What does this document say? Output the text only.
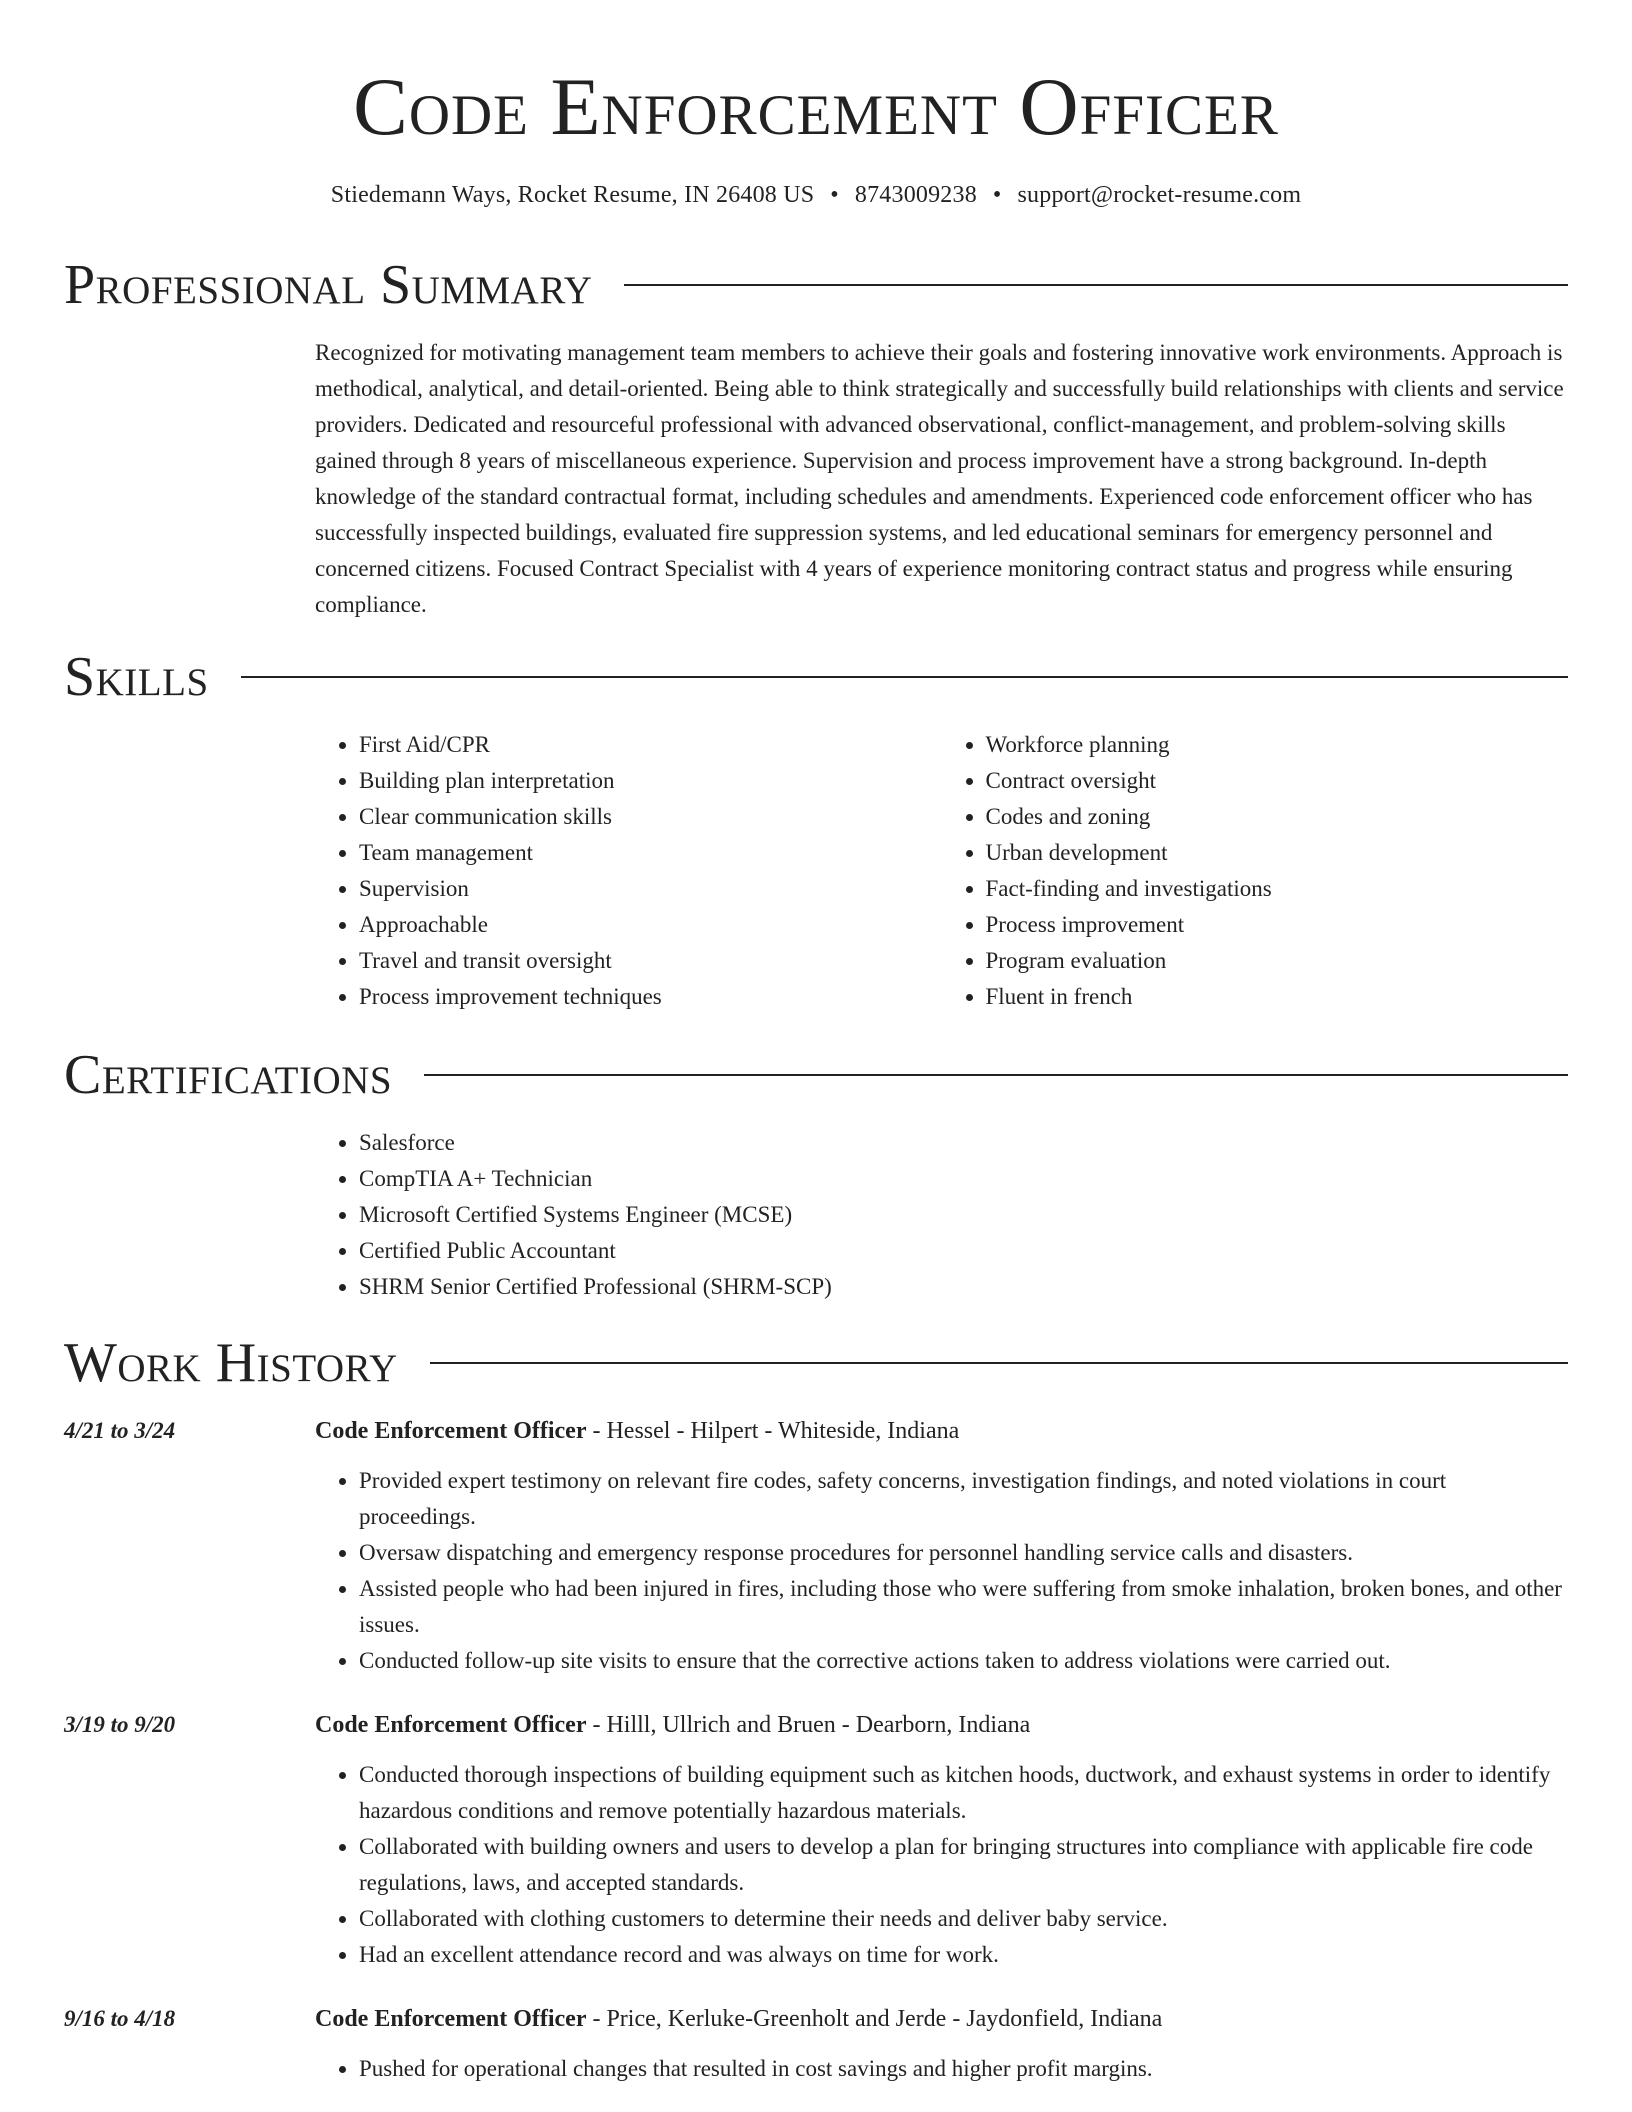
Code Enforcement Officer
Stiedemann Ways, Rocket Resume, IN 26408 US • 8743009238 • support@rocket-resume.com
Professional Summary

Recognized for motivating management team members to achieve their goals and fostering innovative work environments. Approach is methodical, analytical, and detail-oriented. Being able to think strategically and successfully build relationships with clients and service providers. Dedicated and resourceful professional with advanced observational, conflict-management, and problem-solving skills gained through 8 years of miscellaneous experience. Supervision and process improvement have a strong background. In-depth knowledge of the standard contractual format, including schedules and amendments. Experienced code enforcement officer who has successfully inspected buildings, evaluated fire suppression systems, and led educational seminars for emergency personnel and concerned citizens. Focused Contract Specialist with 4 years of experience monitoring contract status and progress while ensuring compliance.

Skills
• First Aid/CPR
• Building plan interpretation
• Clear communication skills
• Team management
• Supervision
• Approachable
• Travel and transit oversight
• Process improvement techniques
• Workforce planning
• Contract oversight
• Codes and zoning
• Urban development
• Fact-finding and investigations
• Process improvement
• Program evaluation
• Fluent in french
Certifications
• Salesforce
• CompTIA A+ Technician
• Microsoft Certified Systems Engineer (MCSE)
• Certified Public Accountant
• SHRM Senior Certified Professional (SHRM-SCP)
Work History
4/21 to 3/24	Code Enforcement Officer - Hessel - Hilpert - Whiteside, Indiana
• Provided expert testimony on relevant fire codes, safety concerns, investigation findings, and noted violations in court proceedings.
• Oversaw dispatching and emergency response procedures for personnel handling service calls and disasters.
• Assisted people who had been injured in fires, including those who were suffering from smoke inhalation, broken bones, and other issues.
• Conducted follow-up site visits to ensure that the corrective actions taken to address violations were carried out.
3/19 to 9/20	Code Enforcement Officer - Hilll, Ullrich and Bruen - Dearborn, Indiana
• Conducted thorough inspections of building equipment such as kitchen hoods, ductwork, and exhaust systems in order to identify hazardous conditions and remove potentially hazardous materials.
• Collaborated with building owners and users to develop a plan for bringing structures into compliance with applicable fire code regulations, laws, and accepted standards.
• Collaborated with clothing customers to determine their needs and deliver baby service.
• Had an excellent attendance record and was always on time for work.
9/16 to 4/18	Code Enforcement Officer - Price, Kerluke-Greenholt and Jerde - Jaydonfield, Indiana
• Pushed for operational changes that resulted in cost savings and higher profit margins.
